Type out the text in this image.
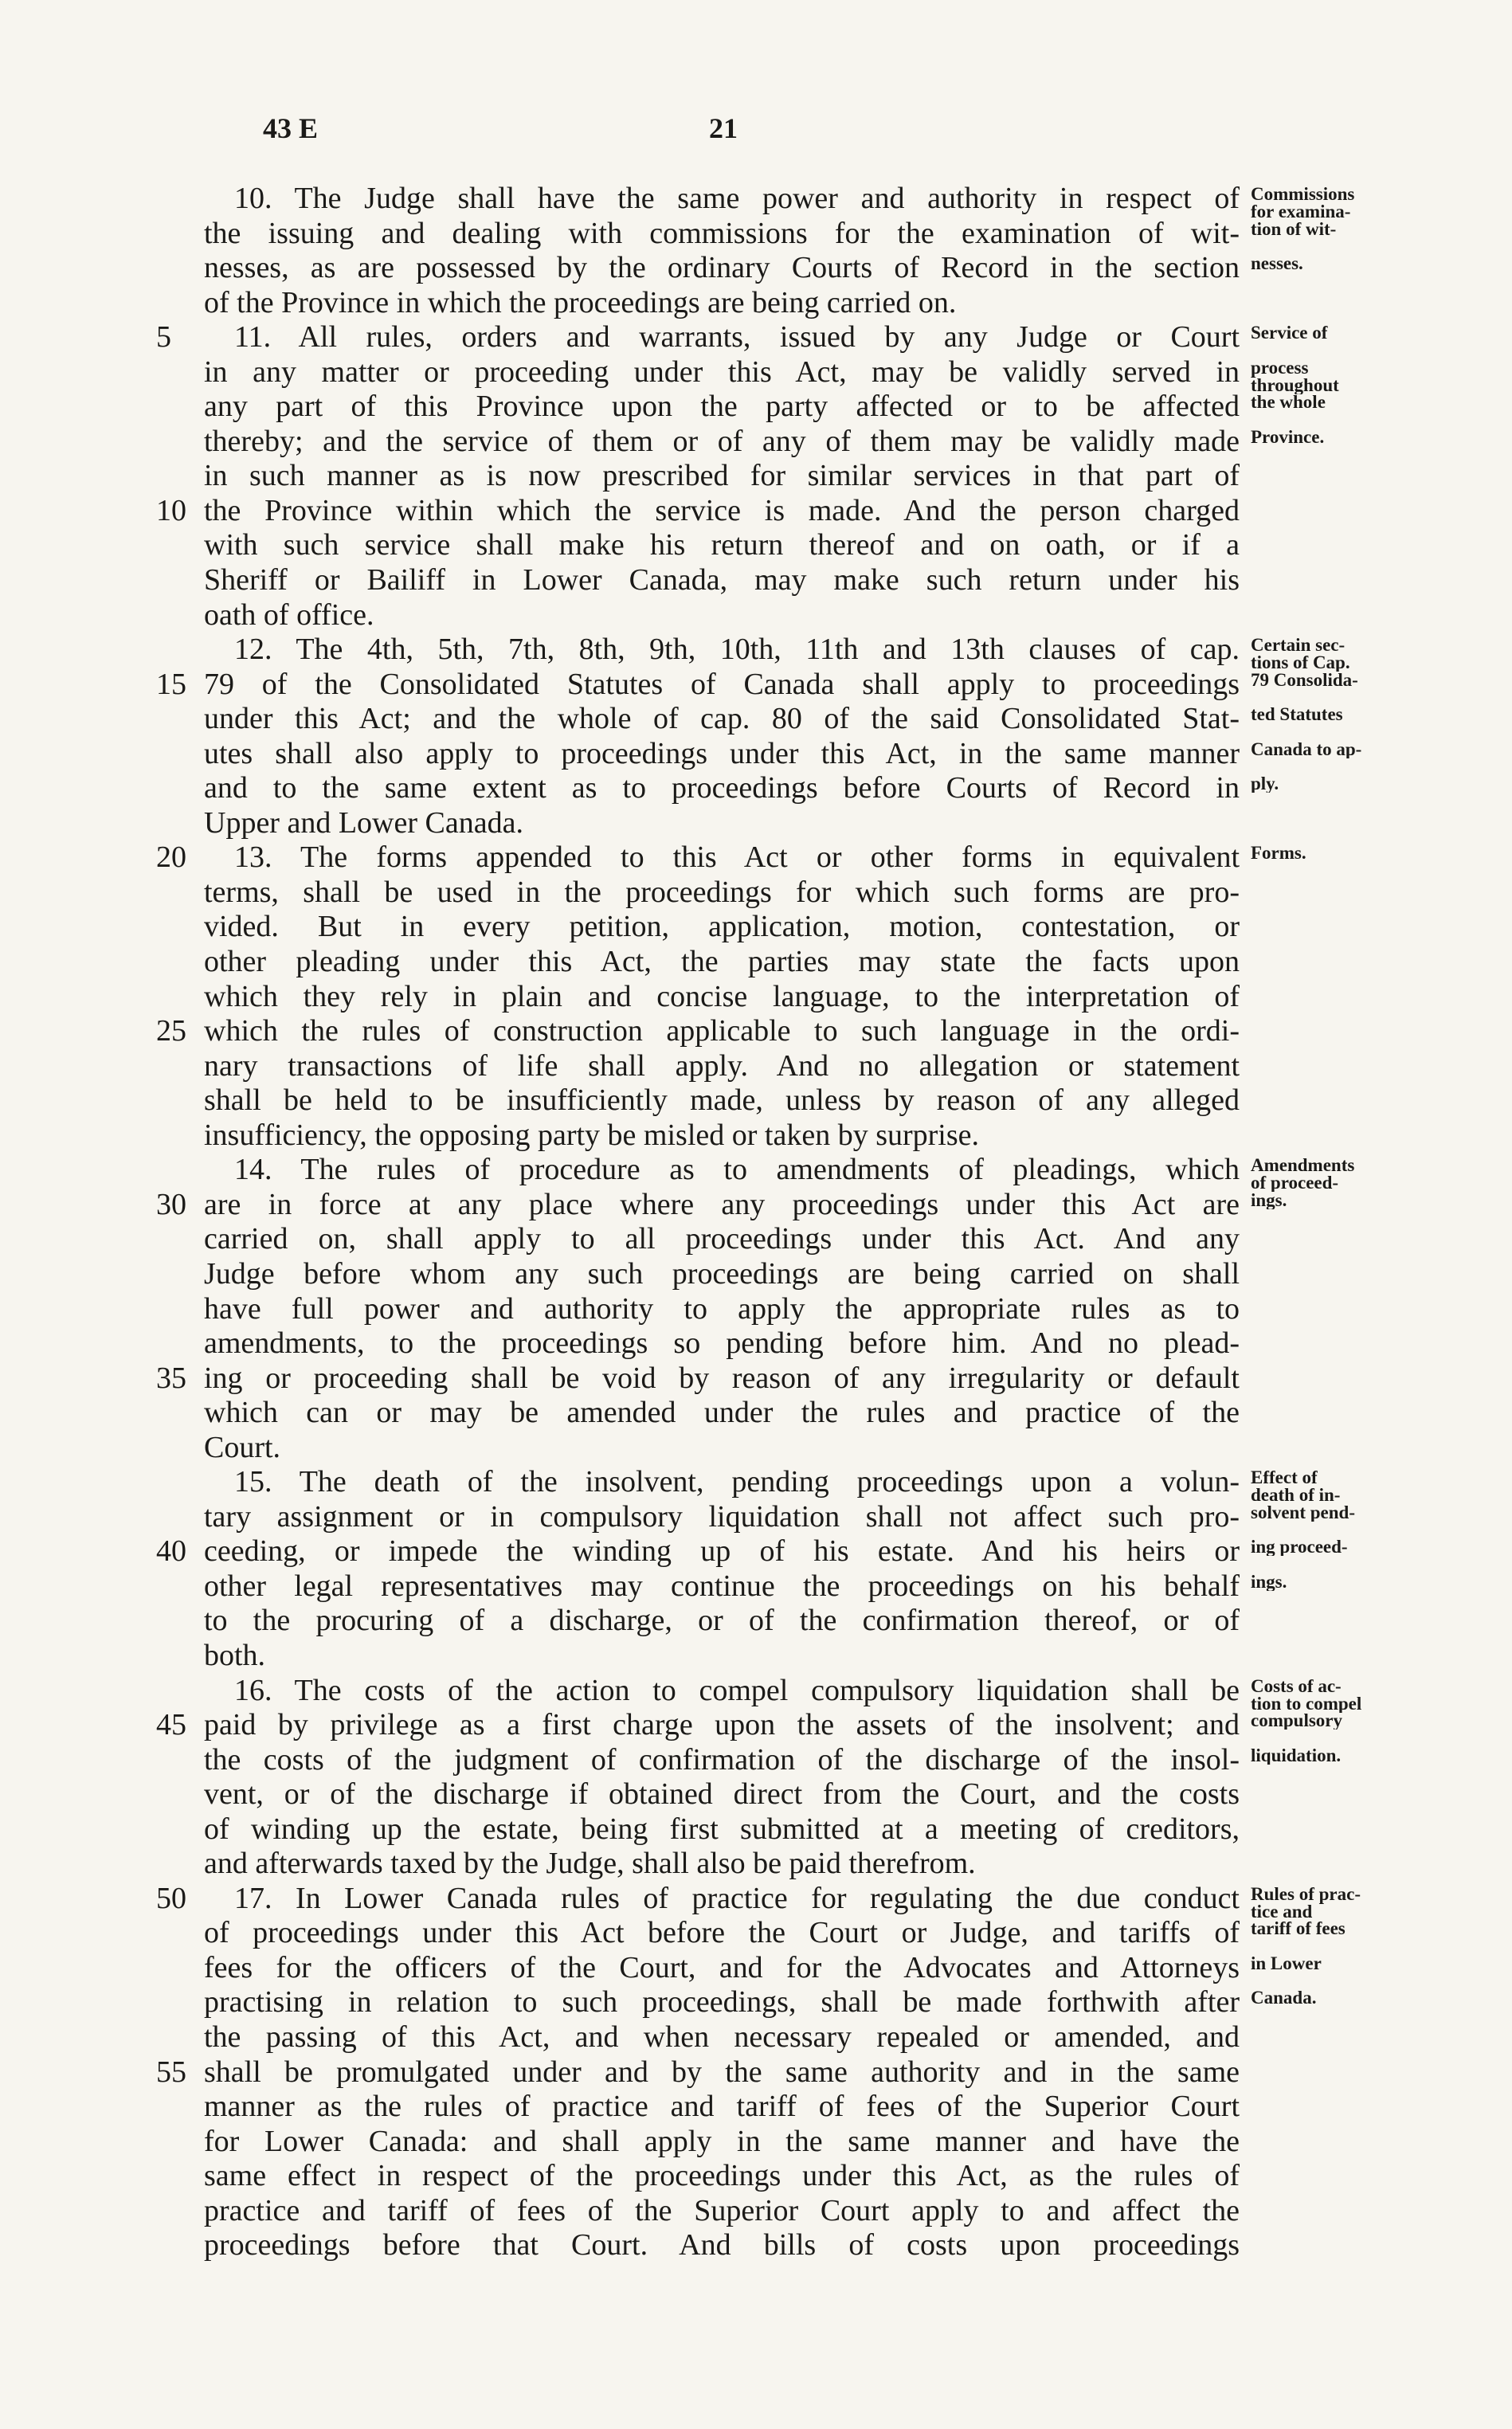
43 E	21
10. The Judge shall have the same power and authority in respect of Commissions
for examina-
the issuing and dealing with commissions for the examination of wit- tion of wit-
nesses, as are possessed by the ordinary Courts of Record in the section nesses.
of the Province in which the proceedings are being carried on.
5	11. All rules, orders and warrants, issued by any Judge or Court Service of
in any matter or proceeding under this Act, may be validly served in process
throughout
any part of this Province upon the party affected or to be affected the whole
thereby; and the service of them or of any of them may be validly made Province.
in such manner as is now prescribed for similar services in that part of
10 the Province within which the service is made. And the person charged
with such service shall make his return thereof and on oath, or if a
Sheriff or Bailiff in Lower Canada, may make such return under his
oath of office.
12. The 4th, 5th, 7th, 8th, 9th, 10th, 11th and 13th clauses of cap. Certain sec-
tions of Cap.
15 79 of the Consolidated Statutes of Canada shall apply to proceedings 79 Consolida-
under this Act; and the whole of cap. 80 of the said Consolidated Stat- ted Statutes
utes shall also apply to proceedings under this Act, in the same manner Canada to ap-
and to the same extent as to proceedings before Courts of Record in ply.
Upper and Lower Canada.
20	13. The forms appended to this Act or other forms in equivalent Forms.
terms, shall be used in the proceedings for which such forms are pro-
vided. But in every petition, application, motion, contestation, or
other pleading under this Act, the parties may state the facts upon
which they rely in plain and concise language, to the interpretation of
25 which the rules of construction applicable to such language in the ordi-
nary transactions of life shall apply. And no allegation or statement
shall be held to be insufficiently made, unless by reason of any alleged
insufficiency, the opposing party be misled or taken by surprise.
14. The rules of procedure as to amendments of pleadings, which Amendments
of proceed-
30 are in force at any place where any proceedings under this Act are ings.
carried on, shall apply to all proceedings under this Act. And any
Judge before whom any such proceedings are being carried on shall
have full power and authority to apply the appropriate rules as to
amendments, to the proceedings so pending before him. And no plead-
35 ing or proceeding shall be void by reason of any irregularity or default
which can or may be amended under the rules and practice of the
Court.
15. The death of the insolvent, pending proceedings upon a volun- Effect of
death of in-
tary assignment or in compulsory liquidation shall not affect such pro- solvent pend-
40 ceeding, or impede the winding up of his estate. And his heirs or ing proceed-
other legal representatives may continue the proceedings on his behalf ings.
to the procuring of a discharge, or of the confirmation thereof, or of
both.
16. The costs of the action to compel compulsory liquidation shall be Costs of ac-
tion to compel
45 paid by privilege as a first charge upon the assets of the insolvent; and compulsory
the costs of the judgment of confirmation of the discharge of the insol- liquidation.
vent, or of the discharge if obtained direct from the Court, and the costs
of winding up the estate, being first submitted at a meeting of creditors,
and afterwards taxed by the Judge, shall also be paid therefrom.
50	17. In Lower Canada rules of practice for regulating the due conduct Rules of prac-
tice and
of proceedings under this Act before the Court or Judge, and tariffs of tariff of fees
fees for the officers of the Court, and for the Advocates and Attorneys in Lower
practising in relation to such proceedings, shall be made forthwith after Canada.
the passing of this Act, and when necessary repealed or amended, and
55 shall be promulgated under and by the same authority and in the same
manner as the rules of practice and tariff of fees of the Superior Court
for Lower Canada: and shall apply in the same manner and have the
same effect in respect of the proceedings under this Act, as the rules of
practice and tariff of fees of the Superior Court apply to and affect the
proceedings before that Court. And bills of costs upon proceedings
